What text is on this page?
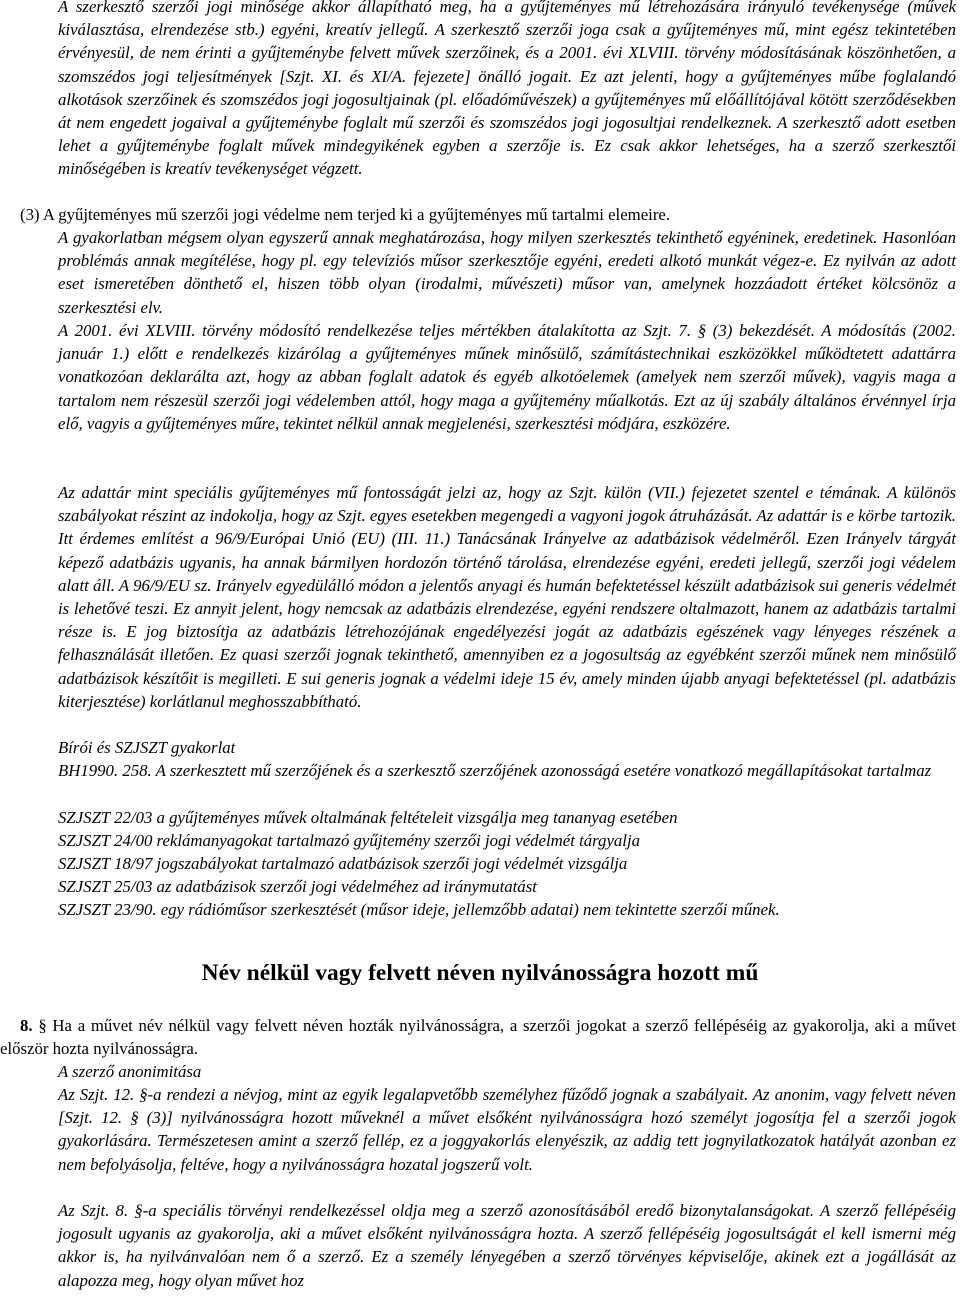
A szerkesztő szerzői jogi minősége akkor állapítható meg, ha a gyűjteményes mű létrehozására irányuló tevékenysége (művek kiválasztása, elrendezése stb.) egyéni, kreatív jellegű. A szerkesztő szerzői joga csak a gyűjteményes mű, mint egész tekintetében érvényesül, de nem érinti a gyűjteménybe felvett művek szerzőinek, és a 2001. évi XLVIII. törvény módosításának köszönhetően, a szomszédos jogi teljesítmények [Szjt. XI. és XI/A. fejezete] önálló jogait. Ez azt jelenti, hogy a gyűjteményes műbe foglalandó alkotások szerzőinek és szomszédos jogi jogosultjainak (pl. előadóművészek) a gyűjteményes mű előállítójával kötött szerződésekben át nem engedett jogaival a gyűjteménybe foglalt mű szerzői és szomszédos jogi jogosultjai rendelkeznek. A szerkesztő adott esetben lehet a gyűjteménybe foglalt művek mindegyikének egyben a szerzője is. Ez csak akkor lehetséges, ha a szerző szerkesztői minőségében is kreatív tevékenységet végzett.

(3) A gyűjteményes mű szerzői jogi védelme nem terjed ki a gyűjteményes mű tartalmi elemeire.

A gyakorlatban mégsem olyan egyszerű annak meghatározása, hogy milyen szerkesztés tekinthető egyéninek, eredetinek. Hasonlóan problémás annak megítélése, hogy pl. egy televíziós műsor szerkesztője egyéni, eredeti alkotó munkát végez-e. Ez nyilván az adott eset ismeretében dönthető el, hiszen több olyan (irodalmi, művészeti) műsor van, amelynek hozzáadott értéket kölcsönöz a szerkesztési elv.

A 2001. évi XLVIII. törvény módosító rendelkezése teljes mértékben átalakította az Szjt. 7. § (3) bekezdését. A módosítás (2002. január 1.) előtt e rendelkezés kizárólag a gyűjteményes műnek minősülő, számítástechnikai eszközökkel működtetett adattárra vonatkozóan deklarálta azt, hogy az abban foglalt adatok és egyéb alkotóelemek (amelyek nem szerzői művek), vagyis maga a tartalom nem részesül szerzői jogi védelemben attól, hogy maga a gyűjtemény műalkotás. Ezt az új szabály általános érvénnyel írja elő, vagyis a gyűjteményes műre, tekintet nélkül annak megjelenési, szerkesztési módjára, eszközére.

Az adattár mint speciális gyűjteményes mű fontosságát jelzi az, hogy az Szjt. külön (VII.) fejezetet szentel e témának. A különös szabályokat részint az indokolja, hogy az Szjt. egyes esetekben megengedi a vagyoni jogok átruházását. Az adattár is e körbe tartozik. Itt érdemes említést a 96/9/Európai Unió (EU) (III. 11.) Tanácsának Irányelve az adatbázisok védelméről. Ezen Irányelv tárgyát képező adatbázis ugyanis, ha annak bármilyen hordozón történő tárolása, elrendezése egyéni, eredeti jellegű, szerzői jogi védelem alatt áll. A 96/9/EU sz. Irányelv egyedülálló módon a jelentős anyagi és humán befektetéssel készült adatbázisok sui generis védelmét is lehetővé teszi. Ez annyit jelent, hogy nemcsak az adatbázis elrendezése, egyéni rendszere oltalmazott, hanem az adatbázis tartalmi része is. E jog biztosítja az adatbázis létrehozójának engedélyezési jogát az adatbázis egészének vagy lényeges részének a felhasználását illetően. Ez quasi szerzői jognak tekinthető, amennyiben ez a jogosultság az egyébként szerzői műnek nem minősülő adatbázisok készítőit is megilleti. E sui generis jognak a védelmi ideje 15 év, amely minden újabb anyagi befektetéssel (pl. adatbázis kiterjesztése) korlátlanul meghosszabbítható.

Bírói és SZJSZT gyakorlat

BH1990. 258. A szerkesztett mű szerzőjének és a szerkesztő szerzőjének azonosságá esetére vonatkozó megállapításokat tartalmaz

SZJSZT 22/03 a gyűjteményes művek oltalmának feltételeit vizsgálja meg tananyag esetében

SZJSZT 24/00 reklámanyagokat tartalmazó gyűjtemény szerzői jogi védelmét tárgyalja

SZJSZT 18/97 jogszabályokat tartalmazó adatbázisok szerzői jogi védelmét vizsgálja

SZJSZT 25/03 az adatbázisok szerzői jogi védelméhez ad iránymutatást

SZJSZT 23/90. egy rádióműsor szerkesztését (műsor ideje, jellemzőbb adatai) nem tekintette szerzői műnek.

Név nélkül vagy felvett néven nyilvánosságra hozott mű

8. § Ha a művet név nélkül vagy felvett néven hozták nyilvánosságra, a szerzői jogokat a szerző fellépéséig az gyakorolja, aki a művet először hozta nyilvánosságra.

A szerző anonimitása

Az Szjt. 12. §-a rendezi a névjog, mint az egyik legalapvetőbb személyhez fűződő jognak a szabályait. Az anonim, vagy felvett néven [Szjt. 12. § (3)] nyilvánosságra hozott műveknél a művet elsőként nyilvánosságra hozó személyt jogosítja fel a szerzői jogok gyakorlására. Természetesen amint a szerző fellép, ez a joggyakorlás elenyészik, az addig tett jognyilatkozatok hatályát azonban ez nem befolyásolja, feltéve, hogy a nyilvánosságra hozatal jogszerű volt.

Az Szjt. 8. §-a speciális törvényi rendelkezéssel oldja meg a szerző azonosításából eredő bizonytalanságokat. A szerző fellépéséig jogosult ugyanis az gyakorolja, aki a művet elsőként nyilvánosságra hozta. A szerző fellépéséig jogosultságát el kell ismerni még akkor is, ha nyilvánvalóan nem ő a szerző. Ez a személy lényegében a szerző törvényes képviselője, akinek ezt a jogállását az alapozza meg, hogy olyan művet hoz
